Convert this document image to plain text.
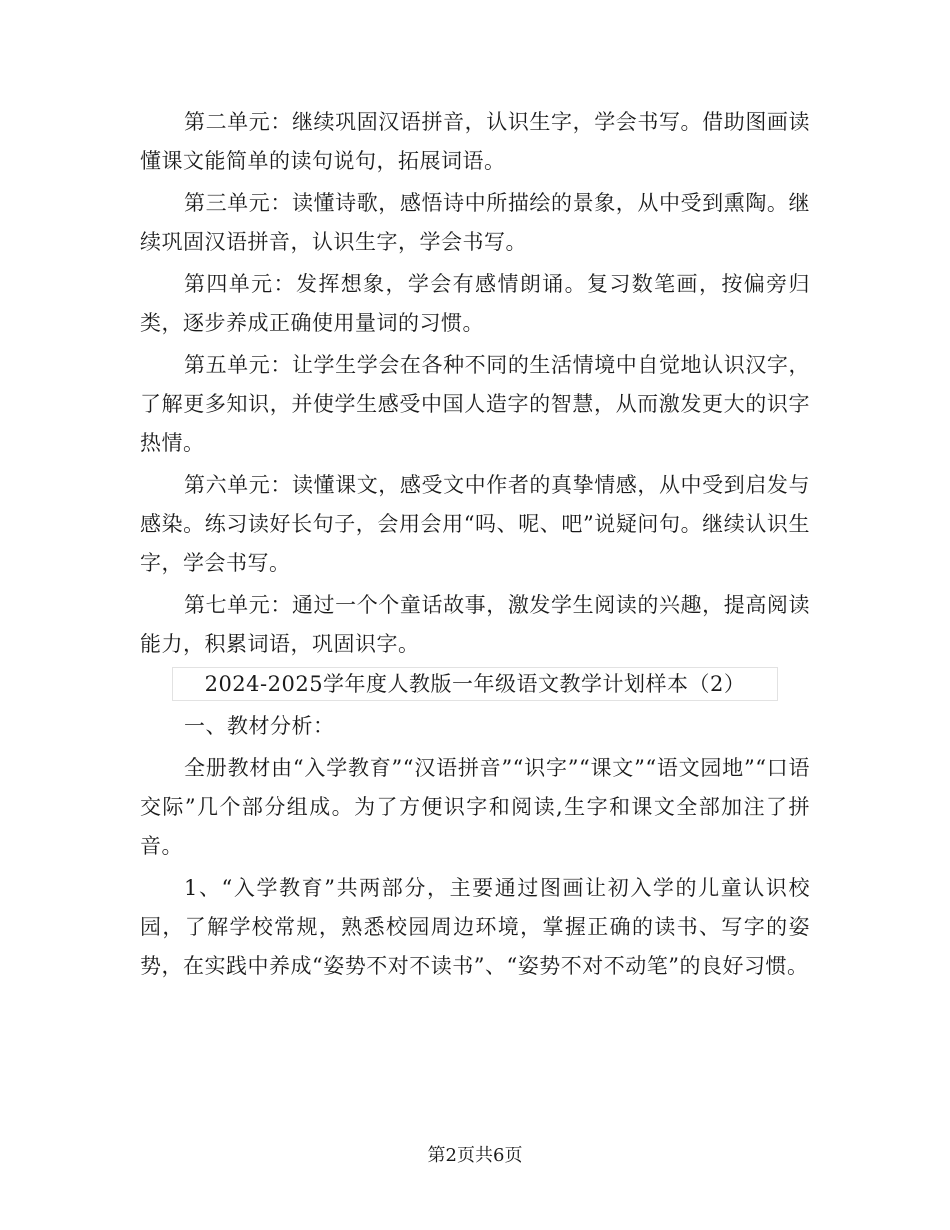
第二单元：继续巩固汉语拼音，认识生字，学会书写。借助图画读懂课文能简单的读句说句，拓展词语。

第三单元：读懂诗歌，感悟诗中所描绘的景象，从中受到熏陶。继续巩固汉语拼音，认识生字，学会书写。

第四单元：发挥想象，学会有感情朗诵。复习数笔画，按偏旁归类，逐步养成正确使用量词的习惯。

第五单元：让学生学会在各种不同的生活情境中自觉地认识汉字，了解更多知识，并使学生感受中国人造字的智慧，从而激发更大的识字热情。

第六单元：读懂课文，感受文中作者的真挚情感，从中受到启发与感染。练习读好长句子，会用会用“吗、呢、吧”说疑问句。继续认识生字，学会书写。

第七单元：通过一个个童话故事，激发学生阅读的兴趣，提高阅读能力，积累词语，巩固识字。

2024-2025学年度人教版一年级语文教学计划样本（2）

一、教材分析：

全册教材由“入学教育”“汉语拼音”“识字”“课文”“语文园地”“口语交际”几个部分组成。为了方便识字和阅读,生字和课文全部加注了拼音。

1、“入学教育”共两部分，主要通过图画让初入学的儿童认识校园，了解学校常规，熟悉校园周边环境，掌握正确的读书、写字的姿势，在实践中养成“姿势不对不读书”、“姿势不对不动笔”的良好习惯。

第2页共6页
